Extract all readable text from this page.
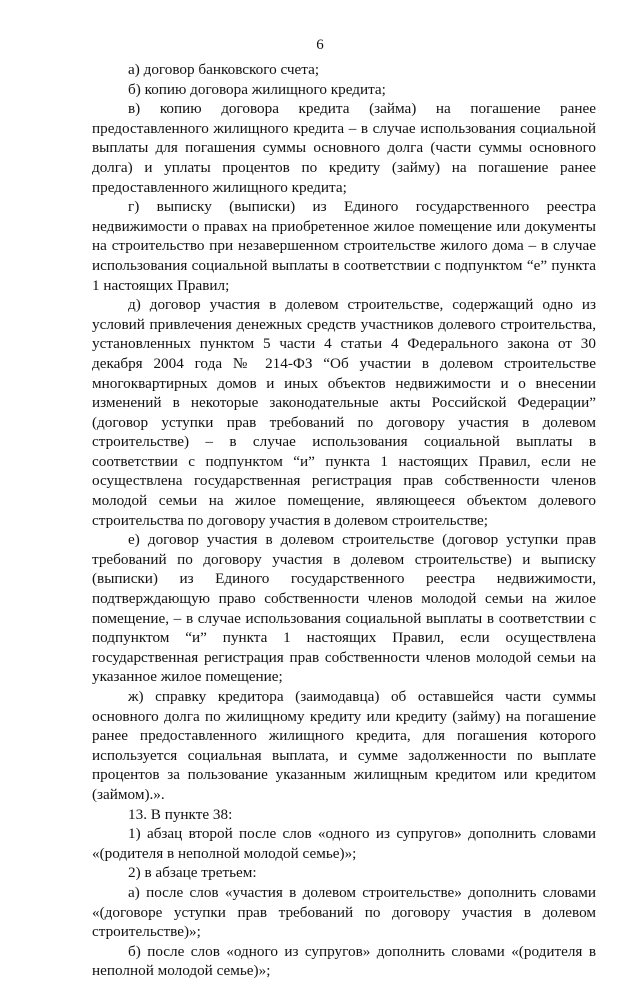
6

а) договор банковского счета;

б) копию договора жилищного кредита;

в) копию договора кредита (займа) на погашение ранее предоставленного жилищного кредита – в случае использования социальной выплаты для погашения суммы основного долга (части суммы основного долга) и уплаты процентов по кредиту (займу) на погашение ранее предоставленного жилищного кредита;

г) выписку (выписки) из Единого государственного реестра недвижимости о правах на приобретенное жилое помещение или документы на строительство при незавершенном строительстве жилого дома – в случае использования социальной выплаты в соответствии с подпунктом “е” пункта 1 настоящих Правил;

д) договор участия в долевом строительстве, содержащий одно из условий привлечения денежных средств участников долевого строительства, установленных пунктом 5 части 4 статьи 4 Федерального закона от 30 декабря 2004 года № 214-ФЗ “Об участии в долевом строительстве многоквартирных домов и иных объектов недвижимости и о внесении изменений в некоторые законодательные акты Российской Федерации” (договор уступки прав требований по договору участия в долевом строительстве) – в случае использования социальной выплаты в соответствии с подпунктом “и” пункта 1 настоящих Правил, если не осуществлена государственная регистрация прав собственности членов молодой семьи на жилое помещение, являющееся объектом долевого строительства по договору участия в долевом строительстве;

е) договор участия в долевом строительстве (договор уступки прав требований по договору участия в долевом строительстве) и выписку (выписки) из Единого государственного реестра недвижимости, подтверждающую право собственности членов молодой семьи на жилое помещение, – в случае использования социальной выплаты в соответствии с подпунктом “и” пункта 1 настоящих Правил, если осуществлена государственная регистрация прав собственности членов молодой семьи на указанное жилое помещение;

ж) справку кредитора (заимодавца) об оставшейся части суммы основного долга по жилищному кредиту или кредиту (займу) на погашение ранее предоставленного жилищного кредита, для погашения которого используется социальная выплата, и сумме задолженности по выплате процентов за пользование указанным жилищным кредитом или кредитом (займом).».

13. В пункте 38:

1) абзац второй после слов «одного из супругов» дополнить словами «(родителя в неполной молодой семье)»;

2) в абзаце третьем:

а) после слов «участия в долевом строительстве» дополнить словами «(договоре уступки прав требований по договору участия в долевом строительстве)»;

б) после слов «одного из супругов» дополнить словами «(родителя в неполной молодой семье)»;
